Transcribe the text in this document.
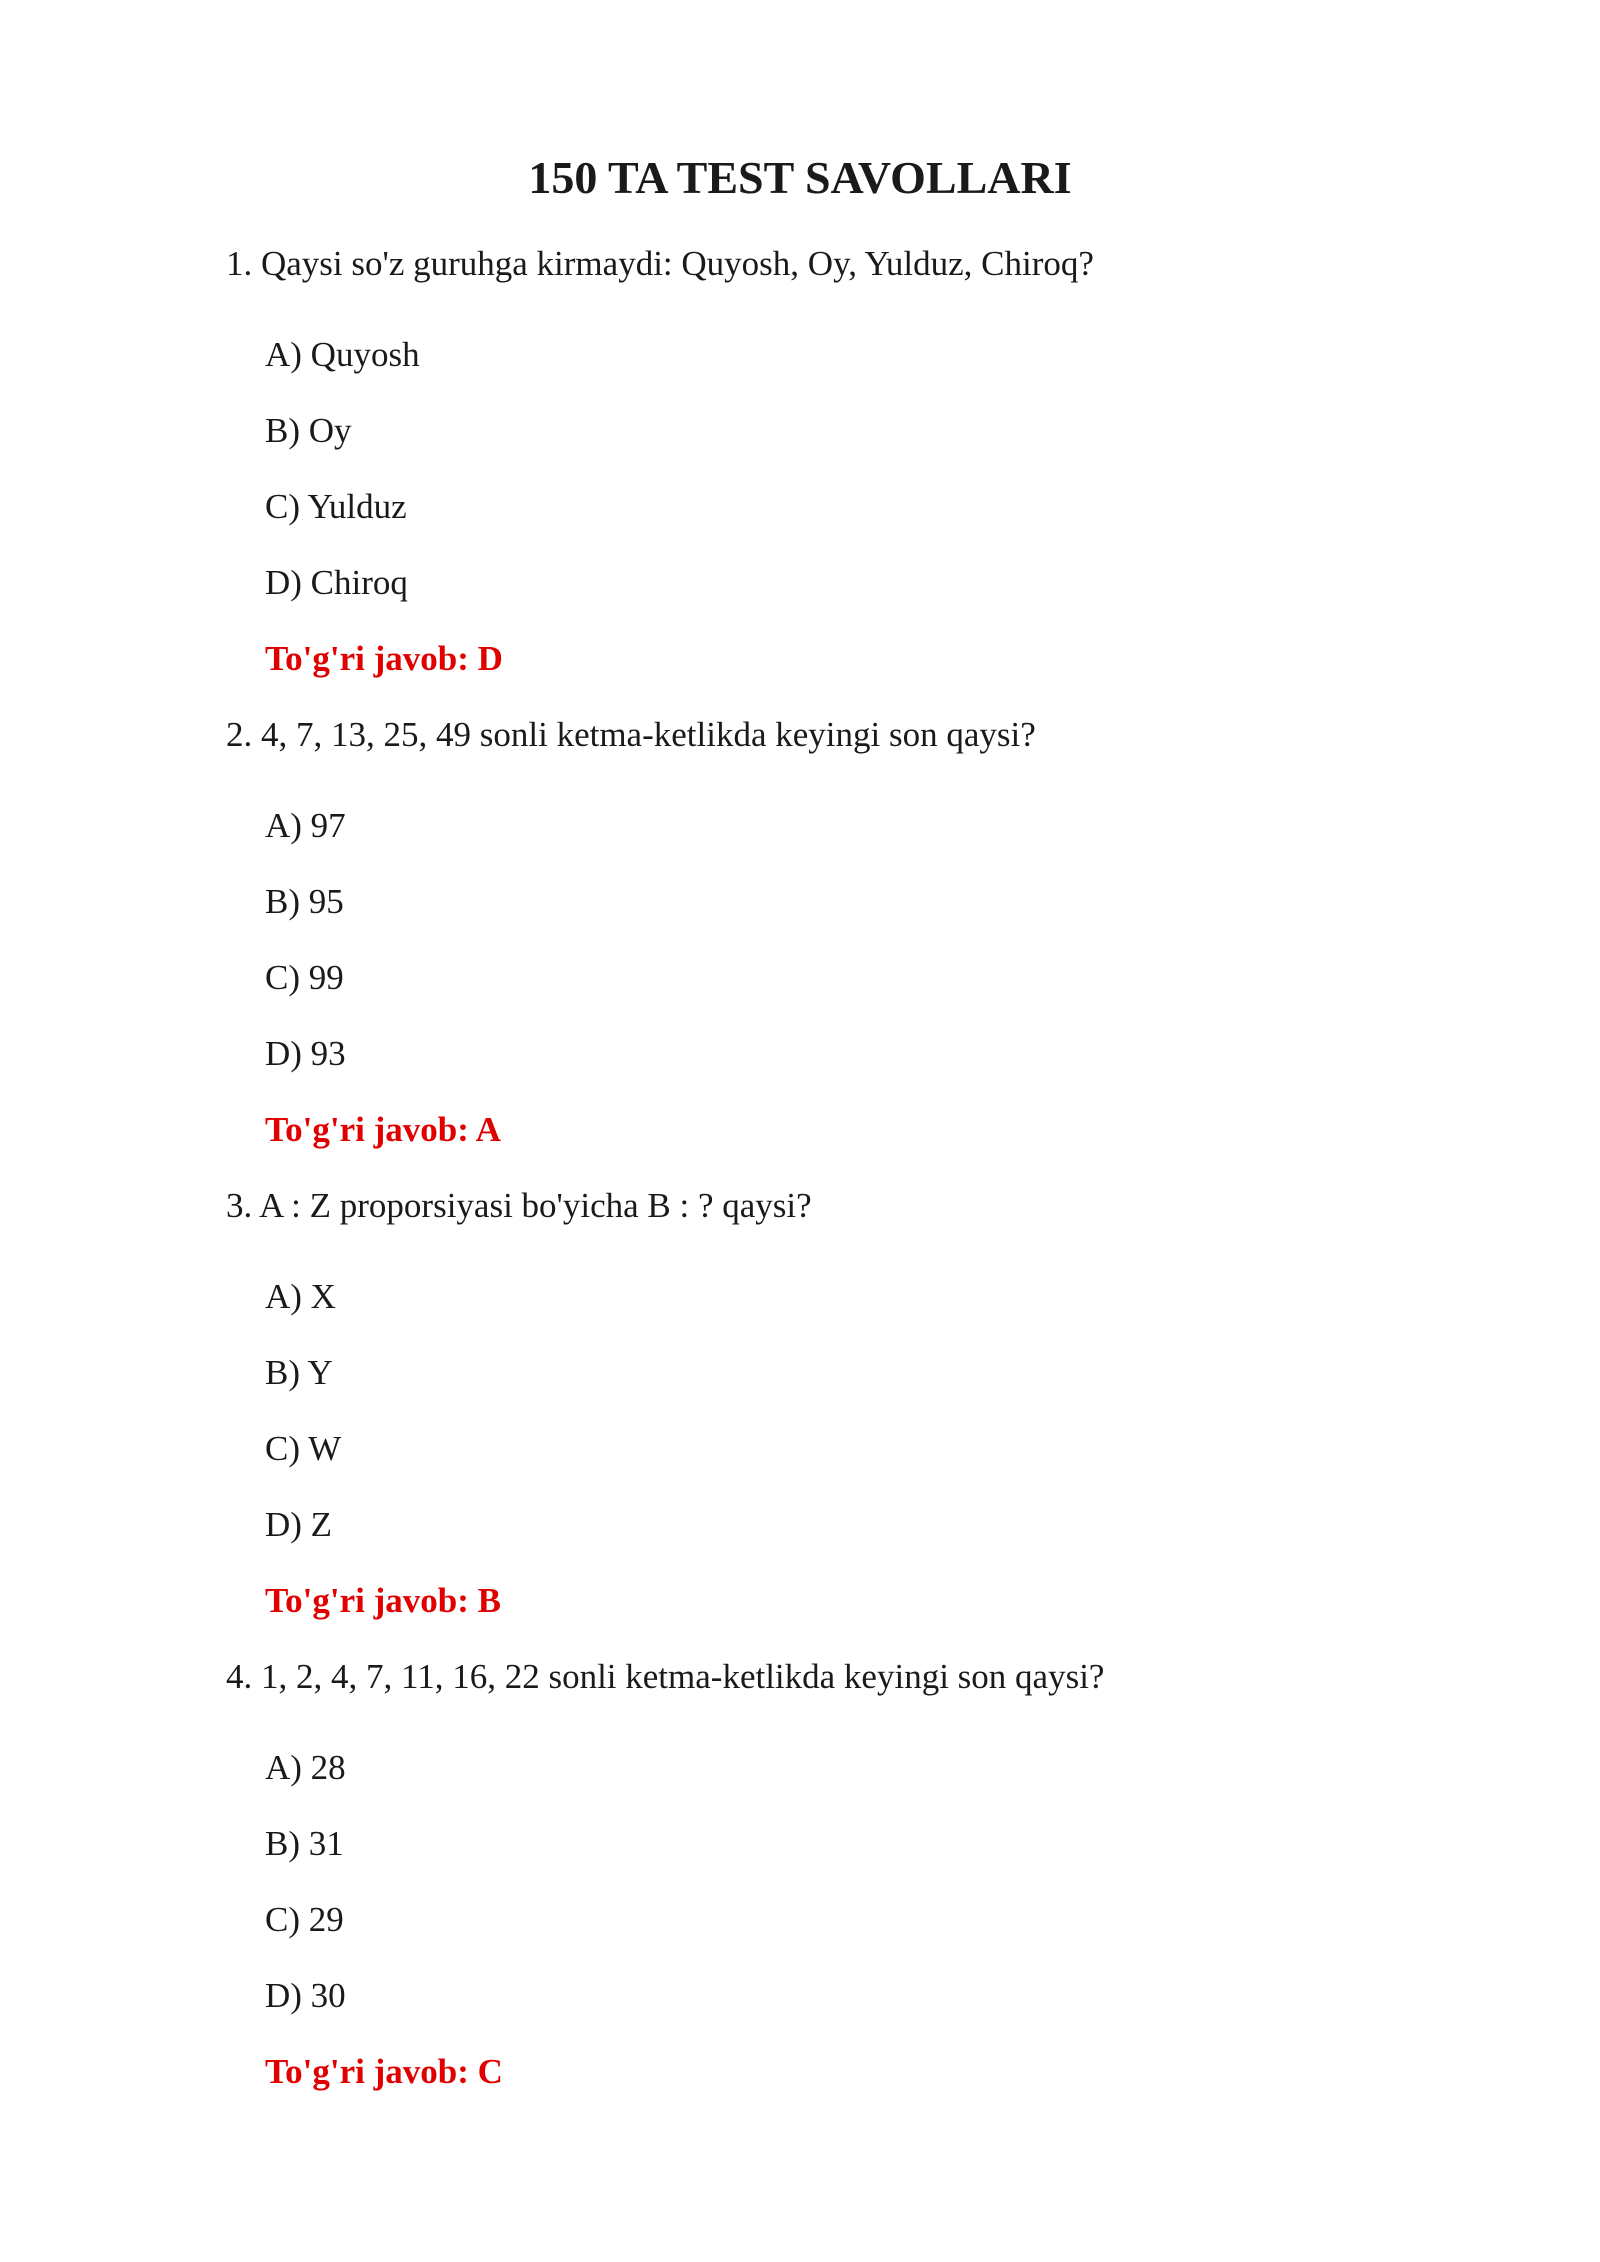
150 TA TEST SAVOLLARI
1. Qaysi so'z guruhga kirmaydi: Quyosh, Oy, Yulduz, Chiroq?
A) Quyosh
B) Oy
C) Yulduz
D) Chiroq
To'g'ri javob: D
2. 4, 7, 13, 25, 49 sonli ketma-ketlikda keyingi son qaysi?
A) 97
B) 95
C) 99
D) 93
To'g'ri javob: A
3. A : Z proporsiyasi bo'yicha B : ? qaysi?
A) X
B) Y
C) W
D) Z
To'g'ri javob: B
4. 1, 2, 4, 7, 11, 16, 22 sonli ketma-ketlikda keyingi son qaysi?
A) 28
B) 31
C) 29
D) 30
To'g'ri javob: C
